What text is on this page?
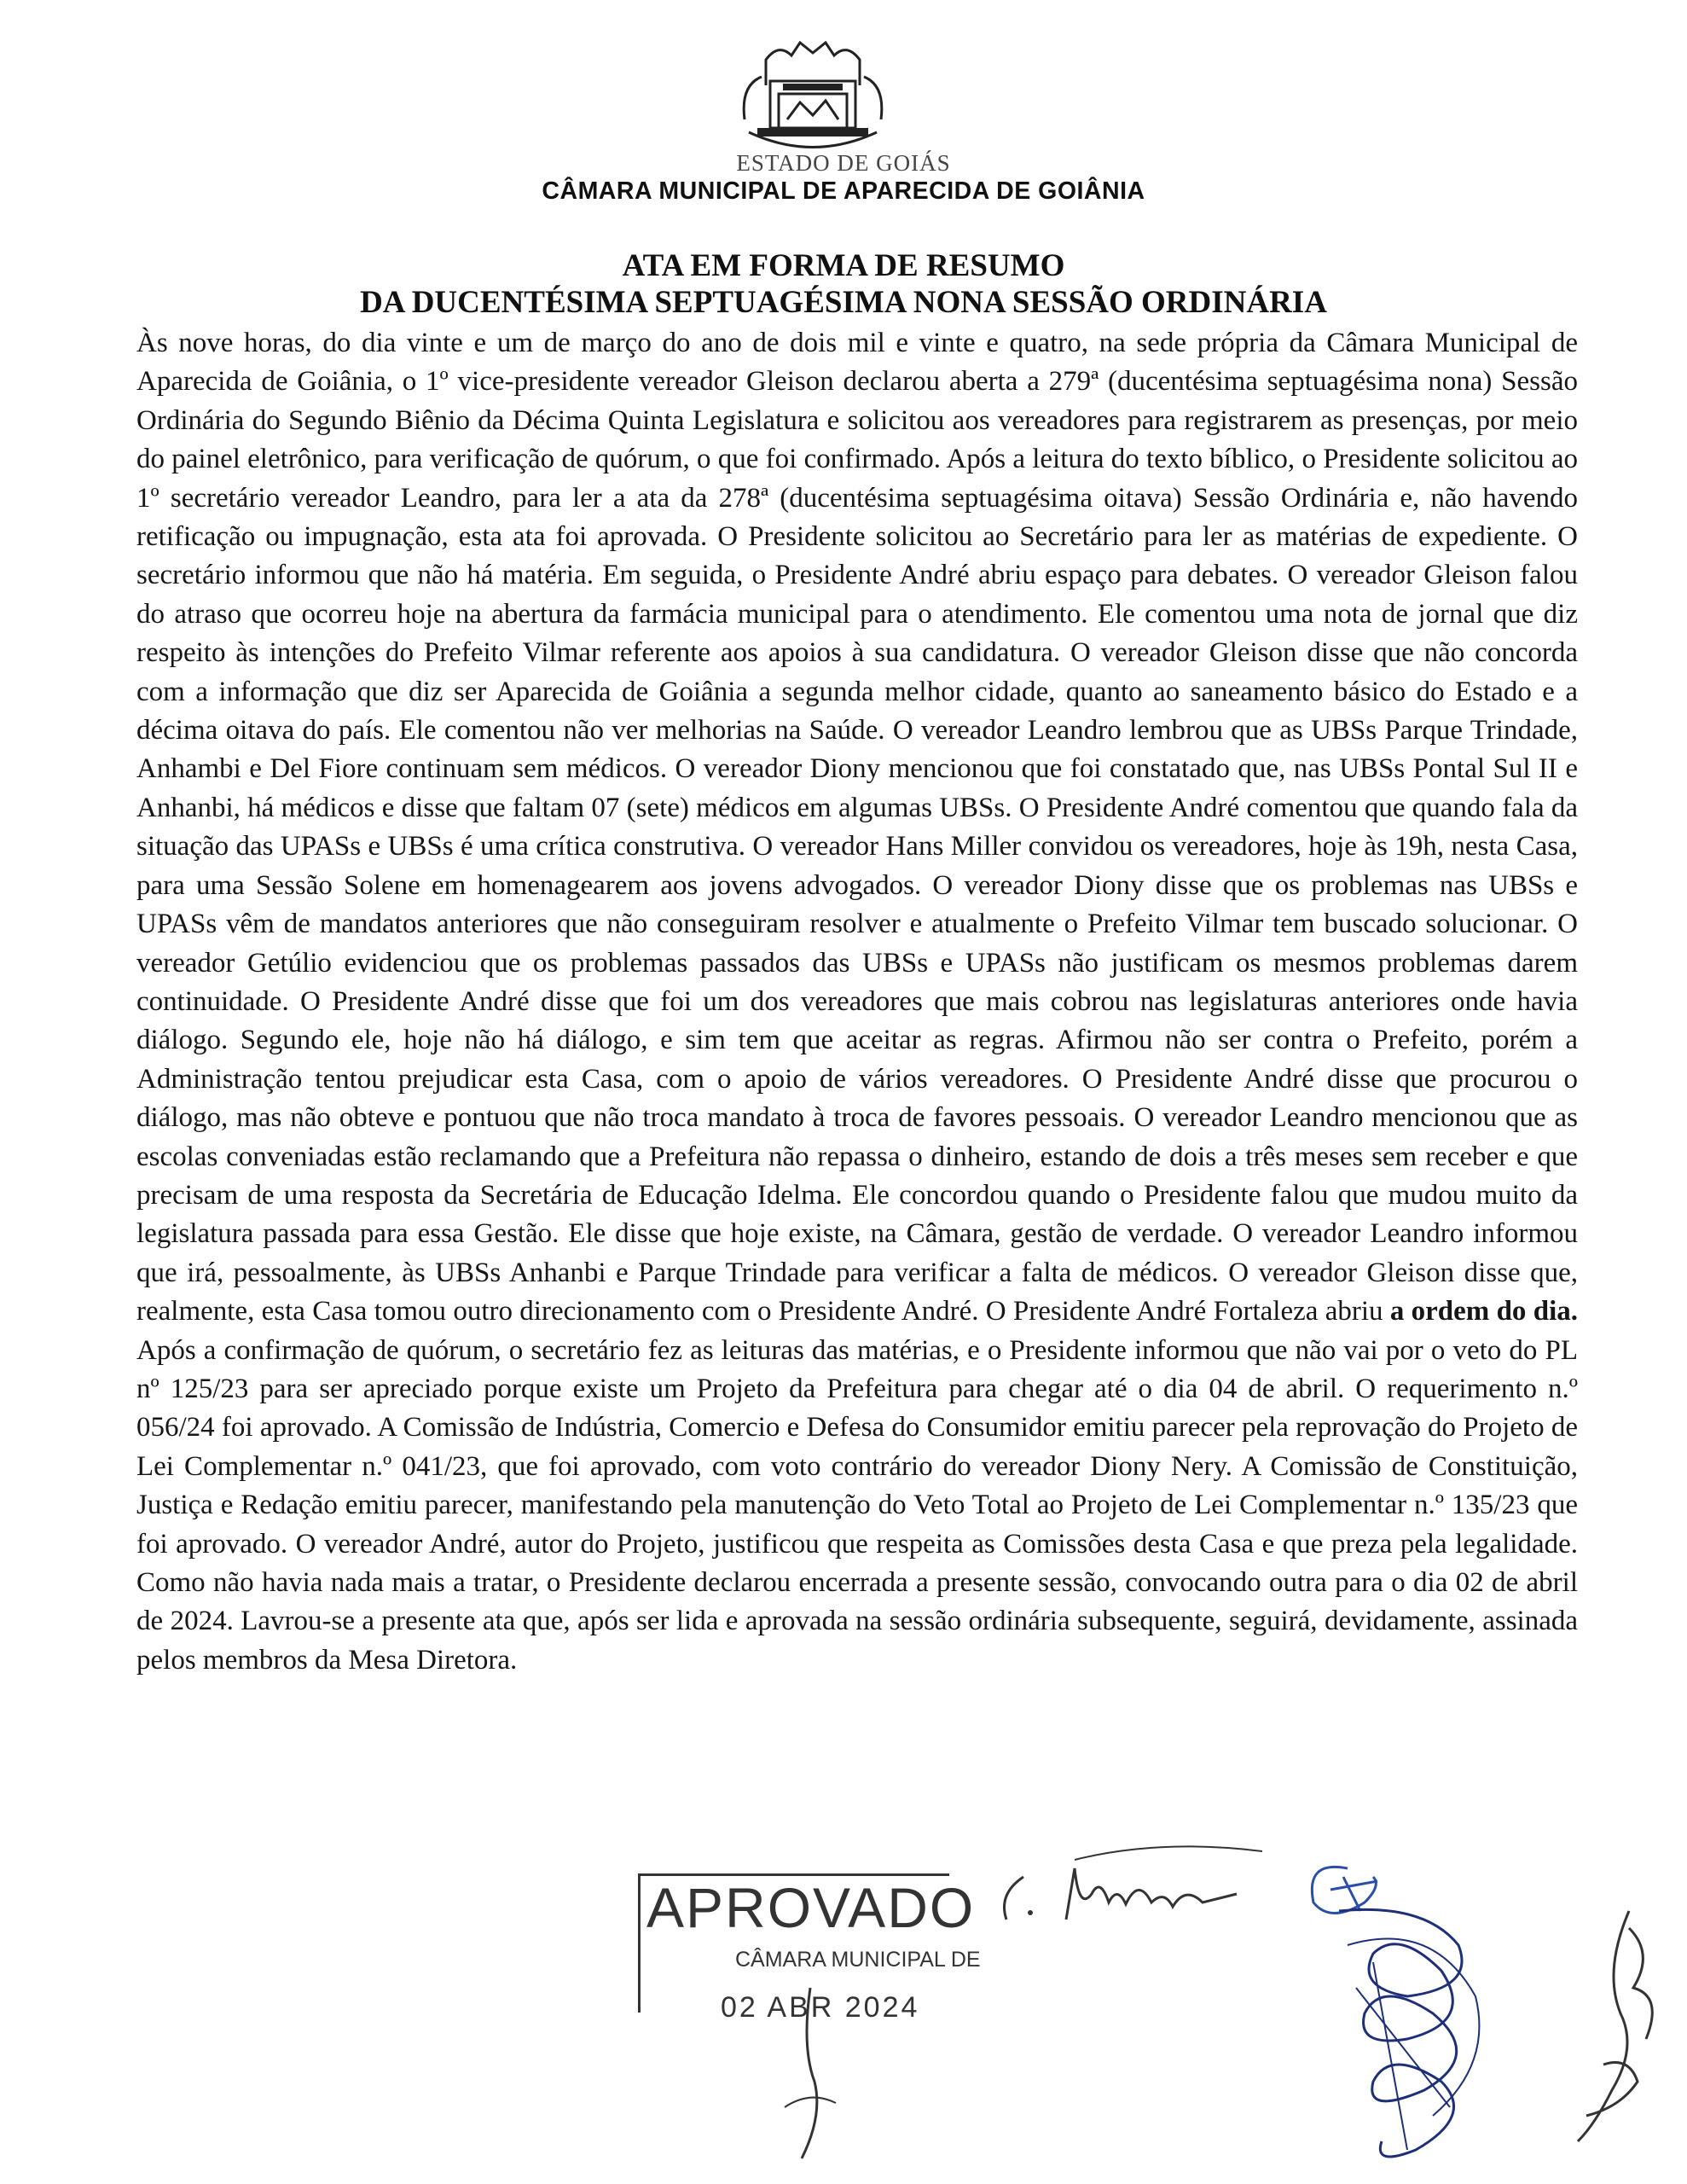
ESTADO DE GOIÁS
CÂMARA MUNICIPAL DE APARECIDA DE GOIÂNIA
ATA EM FORMA DE RESUMO
DA DUCENTÉSIMA SEPTUAGÉSIMA NONA SESSÃO ORDINÁRIA
Às nove horas, do dia vinte e um de março do ano de dois mil e vinte e quatro, na sede própria da Câmara Municipal de Aparecida de Goiânia, o 1º vice-presidente vereador Gleison declarou aberta a 279ª (ducentésima septuagésima nona) Sessão Ordinária do Segundo Biênio da Décima Quinta Legislatura e solicitou aos vereadores para registrarem as presenças, por meio do painel eletrônico, para verificação de quórum, o que foi confirmado. Após a leitura do texto bíblico, o Presidente solicitou ao 1º secretário vereador Leandro, para ler a ata da 278ª (ducentésima septuagésima oitava) Sessão Ordinária e, não havendo retificação ou impugnação, esta ata foi aprovada. O Presidente solicitou ao Secretário para ler as matérias de expediente. O secretário informou que não há matéria. Em seguida, o Presidente André abriu espaço para debates. O vereador Gleison falou do atraso que ocorreu hoje na abertura da farmácia municipal para o atendimento. Ele comentou uma nota de jornal que diz respeito às intenções do Prefeito Vilmar referente aos apoios à sua candidatura. O vereador Gleison disse que não concorda com a informação que diz ser Aparecida de Goiânia a segunda melhor cidade, quanto ao saneamento básico do Estado e a décima oitava do país. Ele comentou não ver melhorias na Saúde. O vereador Leandro lembrou que as UBSs Parque Trindade, Anhambi e Del Fiore continuam sem médicos. O vereador Diony mencionou que foi constatado que, nas UBSs Pontal Sul II e Anhanbi, há médicos e disse que faltam 07 (sete) médicos em algumas UBSs. O Presidente André comentou que quando fala da situação das UPASs e UBSs é uma crítica construtiva. O vereador Hans Miller convidou os vereadores, hoje às 19h, nesta Casa, para uma Sessão Solene em homenagearem aos jovens advogados. O vereador Diony disse que os problemas nas UBSs e UPASs vêm de mandatos anteriores que não conseguiram resolver e atualmente o Prefeito Vilmar tem buscado solucionar. O vereador Getúlio evidenciou que os problemas passados das UBSs e UPASs não justificam os mesmos problemas darem continuidade. O Presidente André disse que foi um dos vereadores que mais cobrou nas legislaturas anteriores onde havia diálogo. Segundo ele, hoje não há diálogo, e sim tem que aceitar as regras. Afirmou não ser contra o Prefeito, porém a Administração tentou prejudicar esta Casa, com o apoio de vários vereadores. O Presidente André disse que procurou o diálogo, mas não obteve e pontuou que não troca mandato à troca de favores pessoais. O vereador Leandro mencionou que as escolas conveniadas estão reclamando que a Prefeitura não repassa o dinheiro, estando de dois a três meses sem receber e que precisam de uma resposta da Secretária de Educação Idelma. Ele concordou quando o Presidente falou que mudou muito da legislatura passada para essa Gestão. Ele disse que hoje existe, na Câmara, gestão de verdade. O vereador Leandro informou que irá, pessoalmente, às UBSs Anhanbi e Parque Trindade para verificar a falta de médicos. O vereador Gleison disse que, realmente, esta Casa tomou outro direcionamento com o Presidente André. O Presidente André Fortaleza abriu a ordem do dia. Após a confirmação de quórum, o secretário fez as leituras das matérias, e o Presidente informou que não vai por o veto do PL nº 125/23 para ser apreciado porque existe um Projeto da Prefeitura para chegar até o dia 04 de abril. O requerimento n.º 056/24 foi aprovado. A Comissão de Indústria, Comercio e Defesa do Consumidor emitiu parecer pela reprovação do Projeto de Lei Complementar n.º 041/23, que foi aprovado, com voto contrário do vereador Diony Nery. A Comissão de Constituição, Justiça e Redação emitiu parecer, manifestando pela manutenção do Veto Total ao Projeto de Lei Complementar n.º 135/23 que foi aprovado. O vereador André, autor do Projeto, justificou que respeita as Comissões desta Casa e que preza pela legalidade. Como não havia nada mais a tratar, o Presidente declarou encerrada a presente sessão, convocando outra para o dia 02 de abril de 2024. Lavrou-se a presente ata que, após ser lida e aprovada na sessão ordinária subsequente, seguirá, devidamente, assinada pelos membros da Mesa Diretora.
APROVADO
CÂMARA MUNICIPAL DE
02 ABR 2024
